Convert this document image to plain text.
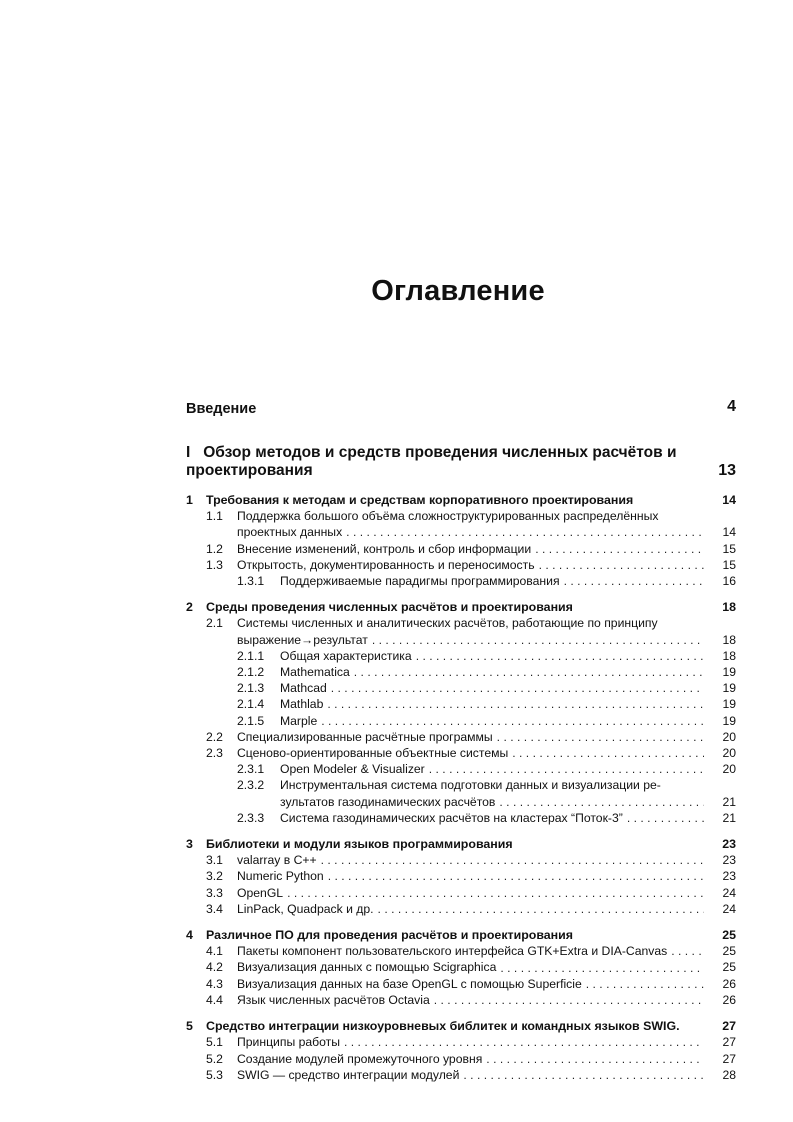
Оглавление
Введение	4
I Обзор методов и средств проведения численных расчётов и
проектирования	13
1	Требования к методам и средствам корпоративного проектирования	14
1.1	Поддержка большого объёма сложноструктурированных распределённых
проектных данных . . .	14
1.2	Внесение изменений, контроль и сбор информации . . .	15
1.3	Открытость, документированность и переносимость . . .	15
1.3.1	Поддерживаемые парадигмы программирования . . .	16
2	Среды проведения численных расчётов и проектирования	18
2.1	Системы численных и аналитических расчётов, работающие по принципу
выражение→результат . . .	18
2.1.1	Общая характеристика . . .	18
2.1.2	Mathematica . . .	19
2.1.3	Mathcad . . .	19
2.1.4	Mathlab . . .	19
2.1.5	Marple . . .	19
2.2	Специализированные расчётные программы . . .	20
2.3	Сценово-ориентированные объектные системы . . .	20
2.3.1	Open Modeler & Visualizer . . .	20
2.3.2	Инструментальная система подготовки данных и визуализации ре-
зультатов газодинамических расчётов . . .	21
2.3.3	Система газодинамических расчётов на кластерах “Поток-3” . . .	21
3	Библиотеки и модули языков программирования	23
3.1	valarray в C++ . . .	23
3.2	Numeric Python . . .	23
3.3	OpenGL . . .	24
3.4	LinPack, Quadpack и др. . . .	24
4	Различное ПО для проведения расчётов и проектирования	25
4.1	Пакеты компонент пользовательского интерфейса GTK+Extra и DIA-Canvas . . .	25
4.2	Визуализация данных с помощью Scigraphica . . .	25
4.3	Визуализация данных на базе OpenGL с помощью Superficie . . .	26
4.4	Язык численных расчётов Octavia . . .	26
5	Средство интеграции низкоуровневых библитек и командных языков SWIG.	27
5.1	Принципы работы . . .	27
5.2	Создание модулей промежуточного уровня . . .	27
5.3	SWIG — средство интеграции модулей . . .	28
